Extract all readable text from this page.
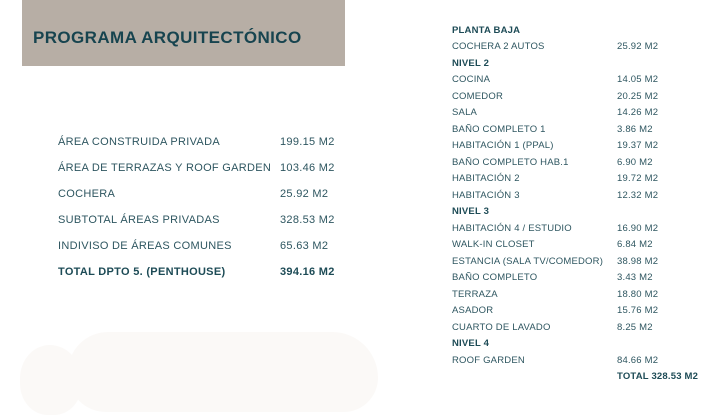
PROGRAMA ARQUITECTÓNICO
ÁREA CONSTRUIDA PRIVADA	199.15 M2
ÁREA DE TERRAZAS Y ROOF GARDEN 103.46 M2
COCHERA	25.92 M2
SUBTOTAL ÁREAS PRIVADAS	328.53 M2
INDIVISO DE ÁREAS COMUNES	65.63 M2
TOTAL DPTO 5. (PENTHOUSE)	394.16 M2
PLANTA BAJA
COCHERA 2 AUTOS	25.92 M2
NIVEL 2
COCINA	14.05 M2
COMEDOR	20.25 M2
SALA	14.26 M2
BAÑO COMPLETO 1	3.86 M2
HABITACIÓN 1 (PPAL)	19.37 M2
BAÑO COMPLETO HAB.1	6.90 M2
HABITACIÓN 2	19.72 M2
HABITACIÓN 3	12.32 M2
NIVEL 3
HABITACIÓN 4 / ESTUDIO	16.90 M2
WALK-IN CLOSET	6.84 M2
ESTANCIA (SALA TV/COMEDOR)	38.98 M2
BAÑO COMPLETO	3.43 M2
TERRAZA	18.80 M2
ASADOR	15.76 M2
CUARTO DE LAVADO	8.25 M2
NIVEL 4
ROOF GARDEN	84.66 M2
TOTAL 328.53 M2
